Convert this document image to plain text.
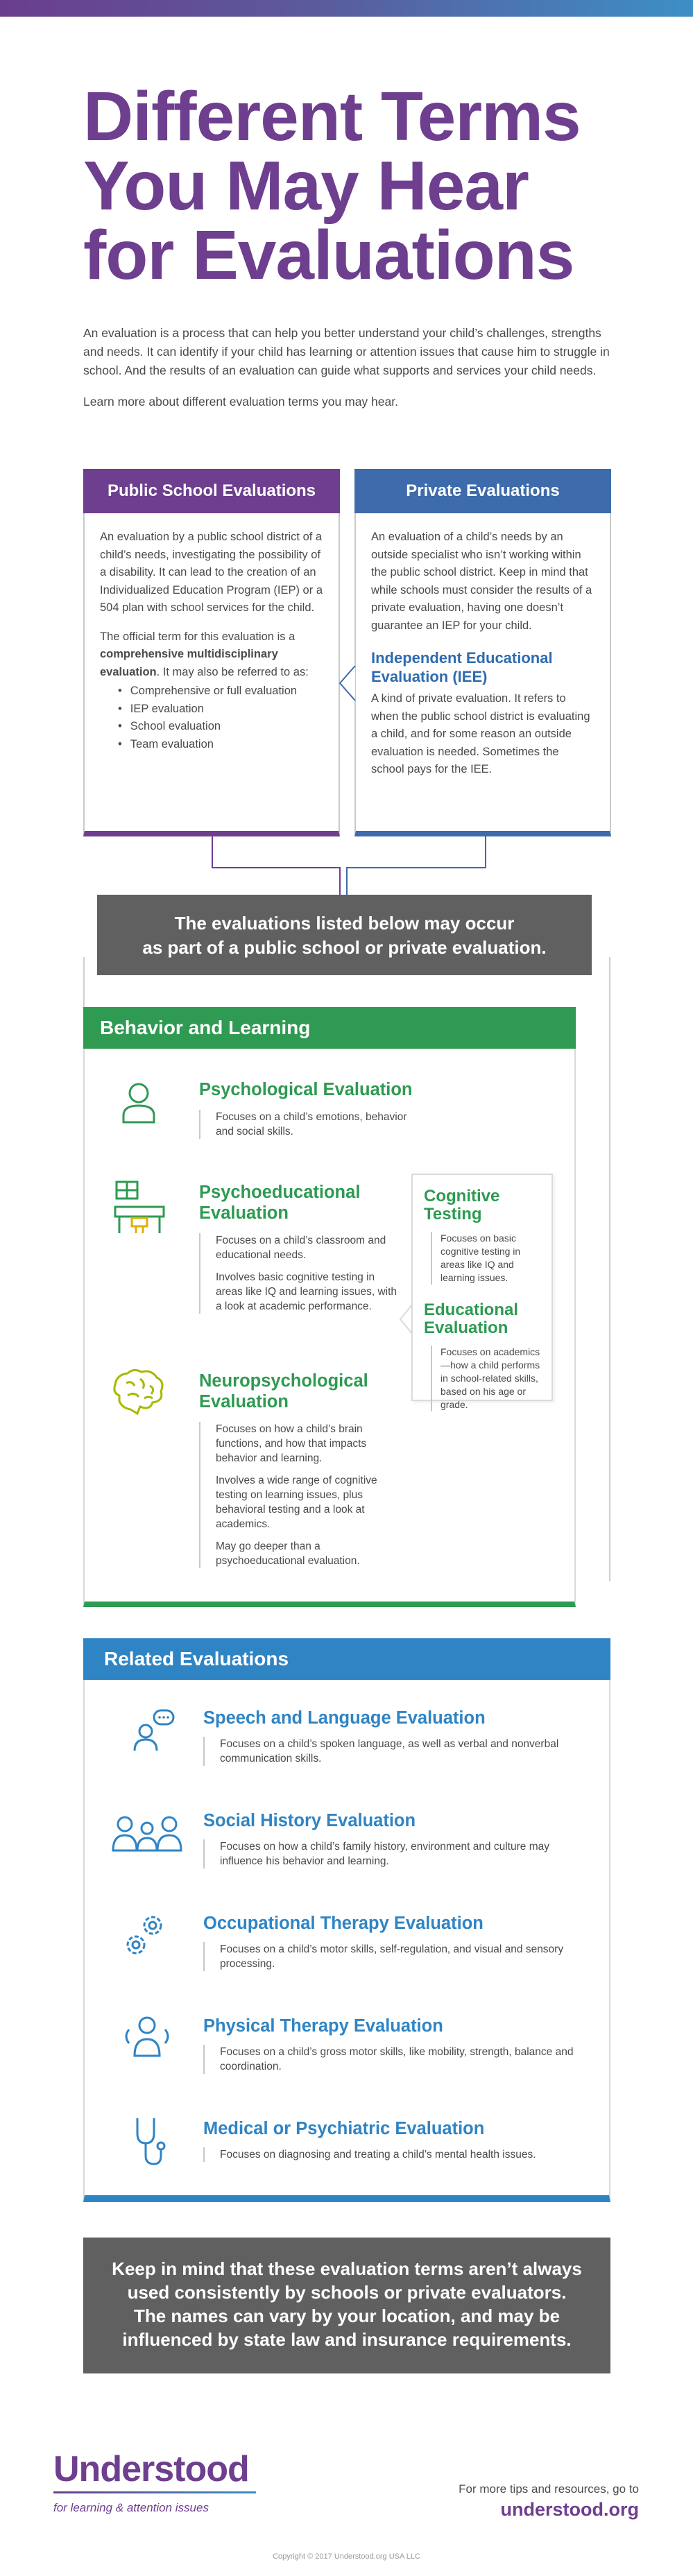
Different Terms
You May Hear
for Evaluations

An evaluation is a process that can help you better understand your child’s challenges, strengths and needs. It can identify if your child has learning or attention issues that cause him to struggle in school. And the results of an evaluation can guide what supports and services your child needs.

Learn more about different evaluation terms you may hear.

Public School Evaluations

An evaluation by a public school district of a child’s needs, investigating the possibility of a disability. It can lead to the creation of an Individualized Education Program (IEP) or a 504 plan with school services for the child.

The official term for this evaluation is a comprehensive multidisciplinary evaluation. It may also be referred to as:

• Comprehensive or full evaluation
• IEP evaluation
• School evaluation
• Team evaluation
Private Evaluations

An evaluation of a child’s needs by an outside specialist who isn’t working within the public school district. Keep in mind that while schools must consider the results of a private evaluation, having one doesn’t guarantee an IEP for your child.

Independent Educational Evaluation (IEE)

A kind of private evaluation. It refers to when the public school district is evaluating a child, and for some reason an outside evaluation is needed. Sometimes the school pays for the IEE.

The evaluations listed below may occur
as part of a public school or private evaluation.
Behavior and Learning
Psychological Evaluation

Focuses on a child’s emotions, behavior and social skills.

Psychoeducational
Evaluation

Focuses on a child’s classroom and educational needs.

Involves basic cognitive testing in areas like IQ and learning issues, with a look at academic performance.

Neuropsychological
Evaluation

Focuses on how a child’s brain functions, and how that impacts behavior and learning.

Involves a wide range of cognitive testing on learning issues, plus behavioral testing and a look at academics.

May go deeper than a psychoeducational evaluation.

Cognitive Testing
Focuses on basic cognitive testing in areas like IQ and learning issues.
Educational
Evaluation
Focuses on academics—how a child performs in school-related skills, based on his age or grade.
Related Evaluations
Speech and Language Evaluation

Focuses on a child’s spoken language, as well as verbal and nonverbal communication skills.

Social History Evaluation

Focuses on how a child’s family history, environment and culture may influence his behavior and learning.

Occupational Therapy Evaluation

Focuses on a child’s motor skills, self-regulation, and visual and sensory processing.

Physical Therapy Evaluation

Focuses on a child’s gross motor skills, like mobility, strength, balance and coordination.

Medical or Psychiatric Evaluation

Focuses on diagnosing and treating a child’s mental health issues.

Keep in mind that these evaluation terms aren’t always
used consistently by schools or private evaluators.
The names can vary by your location, and may be
influenced by state law and insurance requirements.
Understood
for learning & attention issues
For more tips and resources, go to
understood.org
Copyright © 2017 Understood.org USA LLC
